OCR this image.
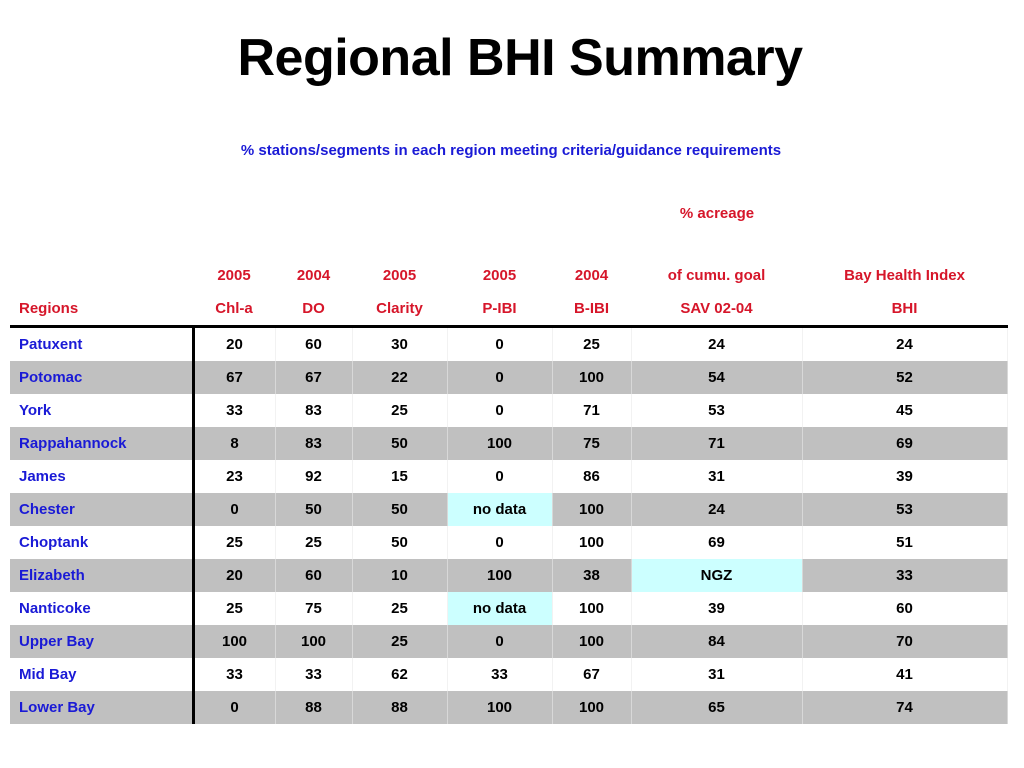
Regional BHI Summary
% stations/segments in each region meeting criteria/guidance requirements
% acreage
	2005	2004	2005	2005	2004	of cumu. goal	Bay Health Index
Regions	Chl-a	DO	Clarity	P-IBI	B-IBI	SAV 02-04	BHI
Patuxent	20	60	30	0	25	24	24
Potomac	67	67	22	0	100	54	52
York	33	83	25	0	71	53	45
Rappahannock	8	83	50	100	75	71	69
James	23	92	15	0	86	31	39
Chester	0	50	50	no data	100	24	53
Choptank	25	25	50	0	100	69	51
Elizabeth	20	60	10	100	38	NGZ	33
Nanticoke	25	75	25	no data	100	39	60
Upper Bay	100	100	25	0	100	84	70
Mid Bay	33	33	62	33	67	31	41
Lower Bay	0	88	88	100	100	65	74
